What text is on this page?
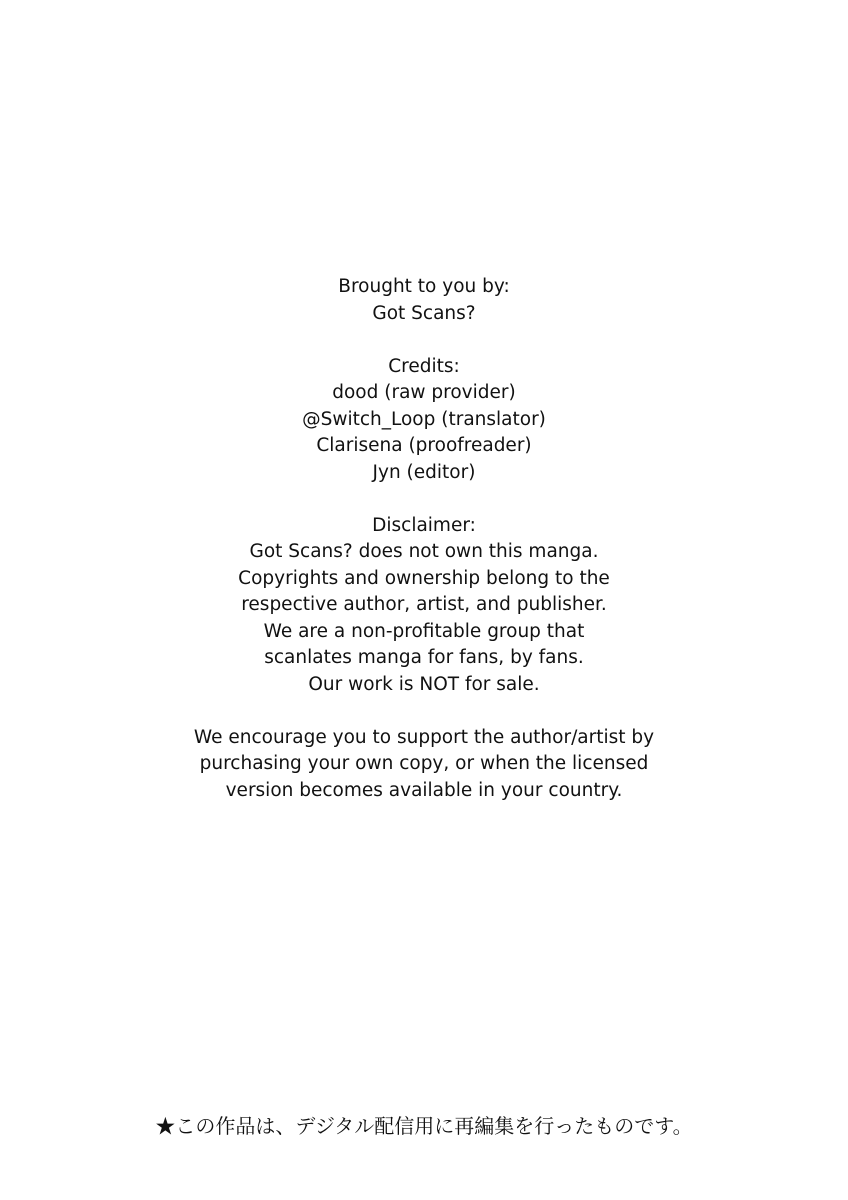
Brought to you by:
Got Scans?
Credits:
dood (raw provider)
@Switch_Loop (translator)
Clarisena (proofreader)
Jyn (editor)
Disclaimer:
Got Scans? does not own this manga.
Copyrights and ownership belong to the
respective author, artist, and publisher.
We are a non-profitable group that
scanlates manga for fans, by fans.
Our work is NOT for sale.
We encourage you to support the author/artist by
purchasing your own copy, or when the licensed
version becomes available in your country.
★この作品は、デジタル配信用に再編集を行ったものです。
